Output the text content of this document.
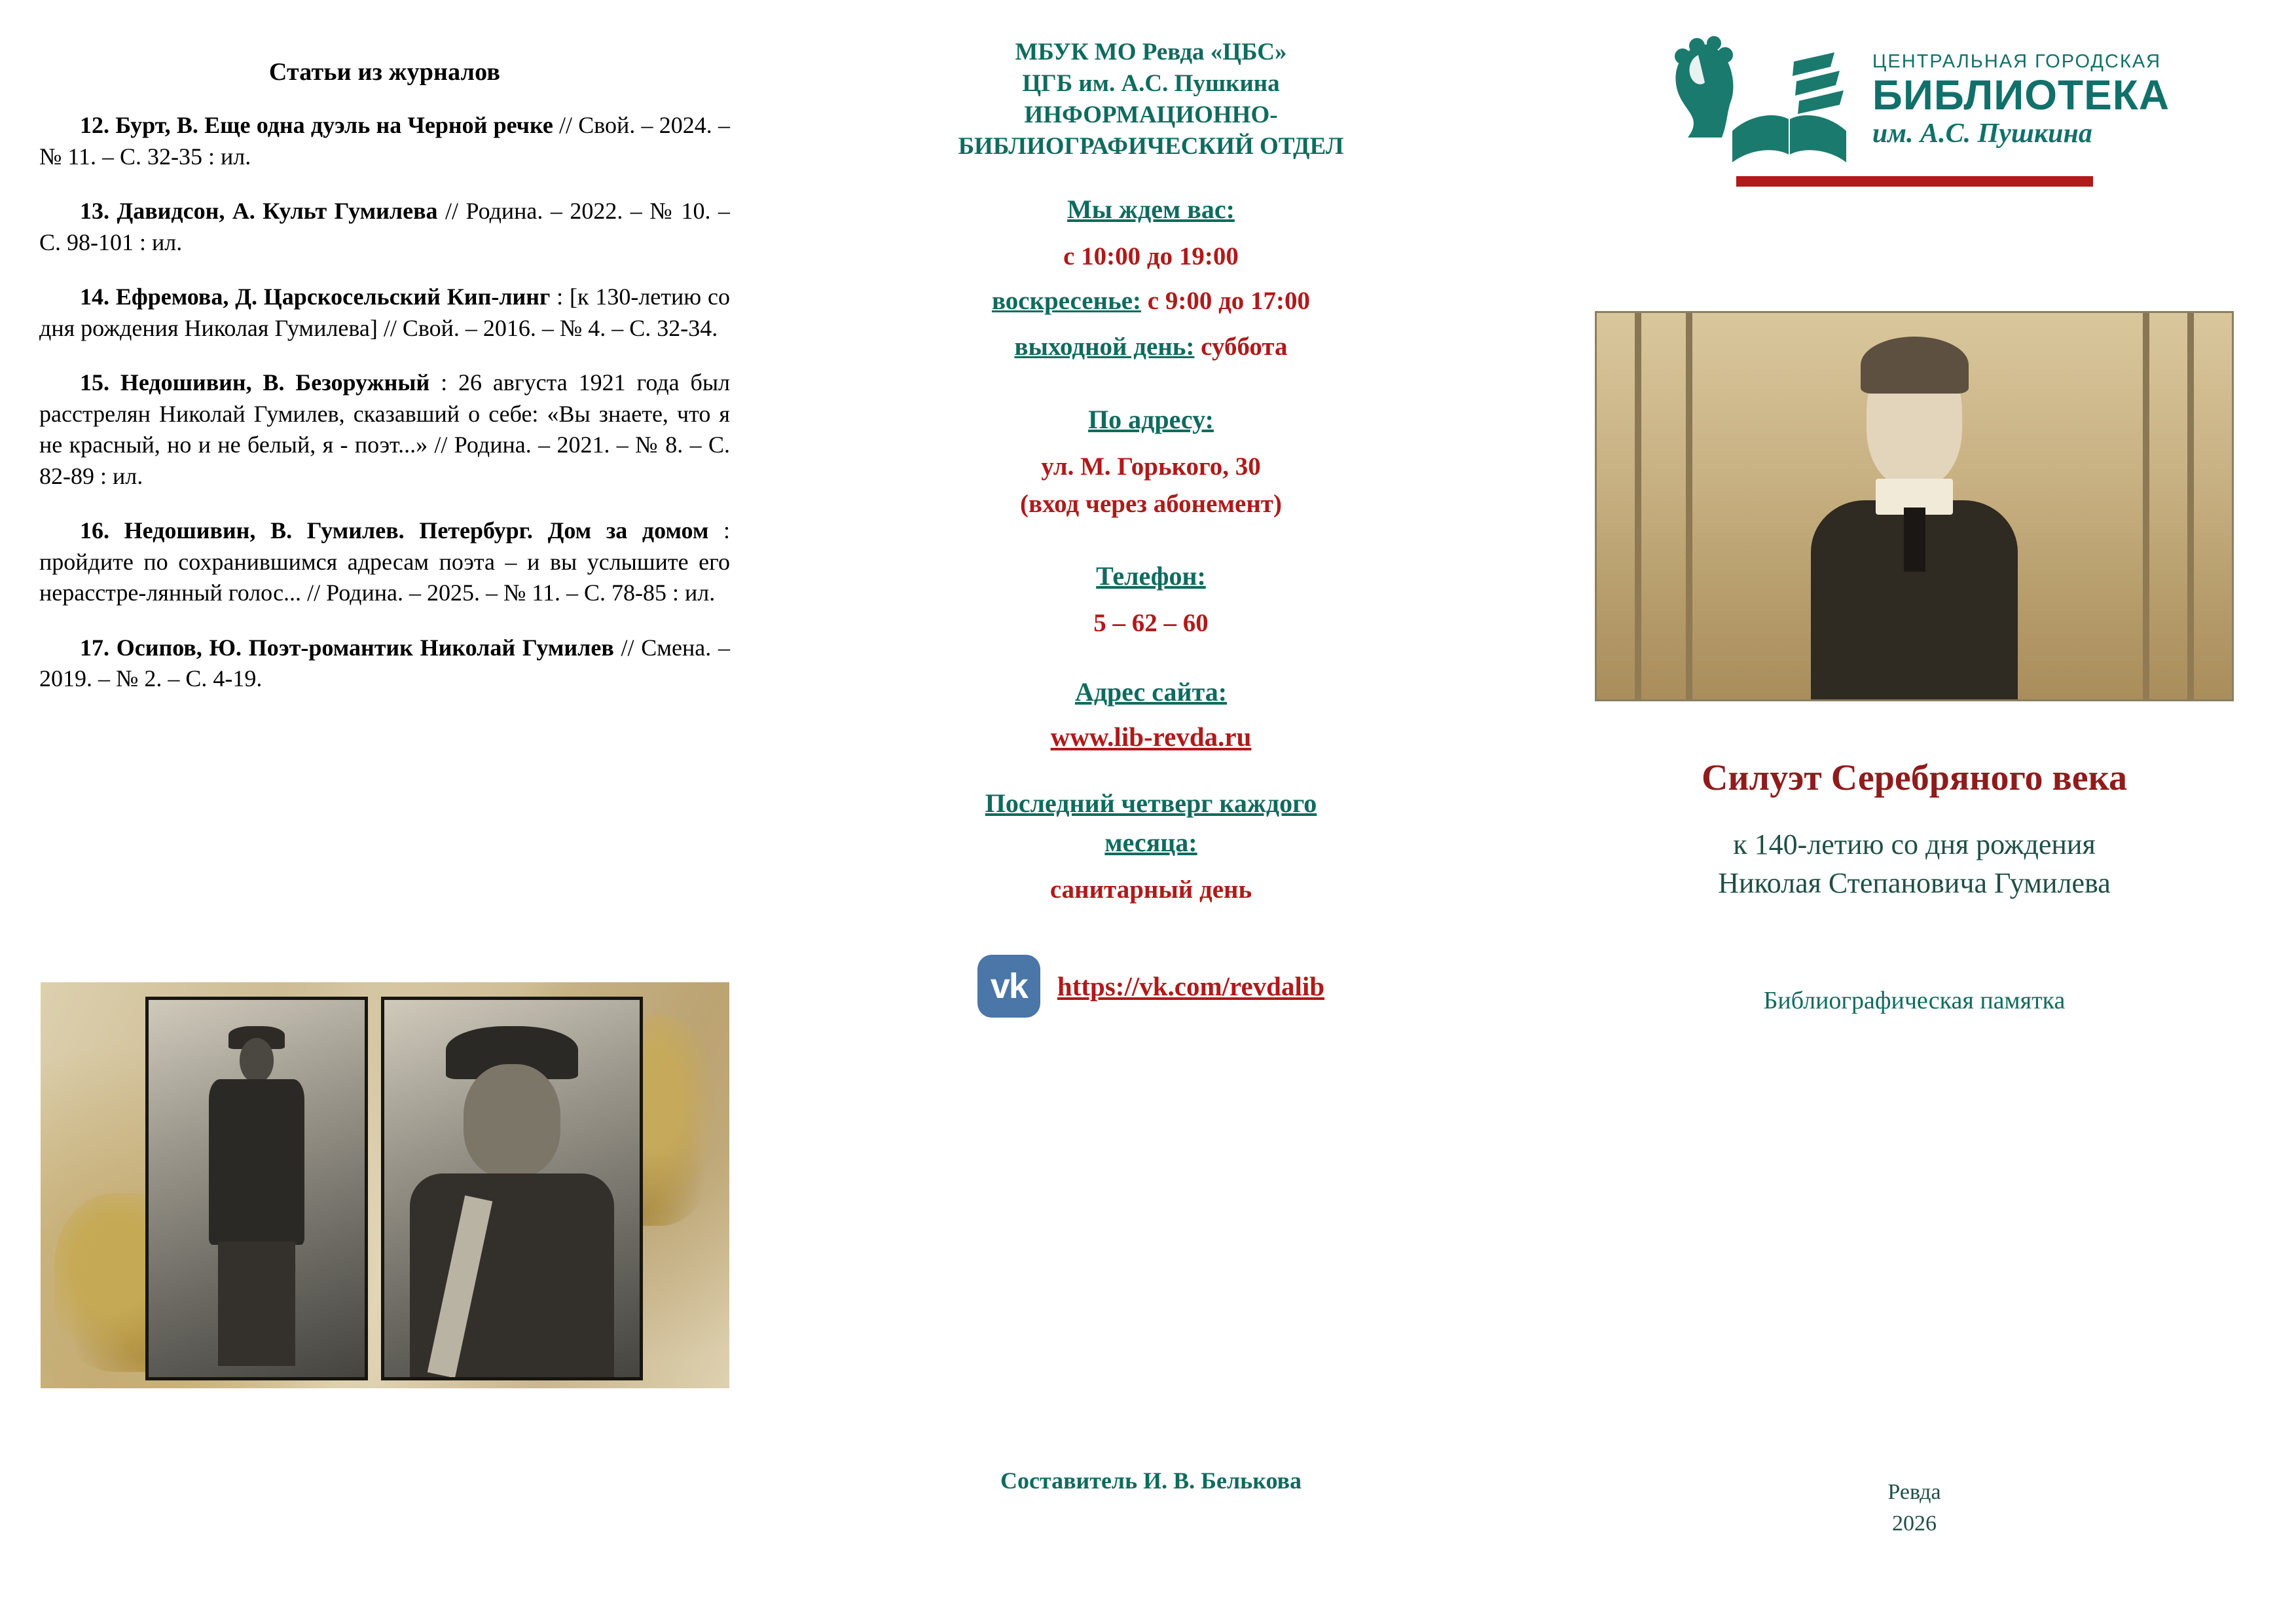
Статьи из журналов

12. Бурт, В. Еще одна дуэль на Черной речке // Свой. – 2024. – № 11. – С. 32-35 : ил.

13. Давидсон, А. Культ Гумилева // Родина. – 2022. – № 10. – С. 98-101 : ил.

14. Ефремова, Д. Царскосельский Кип-линг : [к 130-летию со дня рождения Николая Гумилева] // Свой. – 2016. – № 4. – С. 32-34.

15. Недошивин, В. Безоружный : 26 августа 1921 года был расстрелян Николай Гумилев, сказавший о себе: «Вы знаете, что я не красный, но и не белый, я - поэт...» // Родина. – 2021. – № 8. – С. 82-89 : ил.

16. Недошивин, В. Гумилев. Петербург. Дом за домом : пройдите по сохранившимся адресам поэта – и вы услышите его нерасстре-лянный голос... // Родина. – 2025. – № 11. – С. 78-85 : ил.

17. Осипов, Ю. Поэт-романтик Николай Гумилев // Смена. – 2019. – № 2. – С. 4-19.

МБУК МО Ревда «ЦБС»
ЦГБ им. А.С. Пушкина
ИНФОРМАЦИОННО-
БИБЛИОГРАФИЧЕСКИЙ ОТДЕЛ
Мы ждем вас:
с 10:00 до 19:00
воскресенье: с 9:00 до 17:00
выходной день: суббота
По адресу:
ул. М. Горького, 30
(вход через абонемент)
Телефон:
5 – 62 – 60
Адрес сайта:
www.lib-revda.ru
Последний четверг каждого
месяца:
санитарный день
vk	https://vk.com/revdalib
Составитель И. В. Белькова
ЦЕНТРАЛЬНАЯ ГОРОДСКАЯ
БИБЛИОТЕКА
им. А.С. Пушкина
Силуэт Серебряного века
к 140-летию со дня рождения
Николая Степановича Гумилева
Библиографическая памятка
Ревда
2026
